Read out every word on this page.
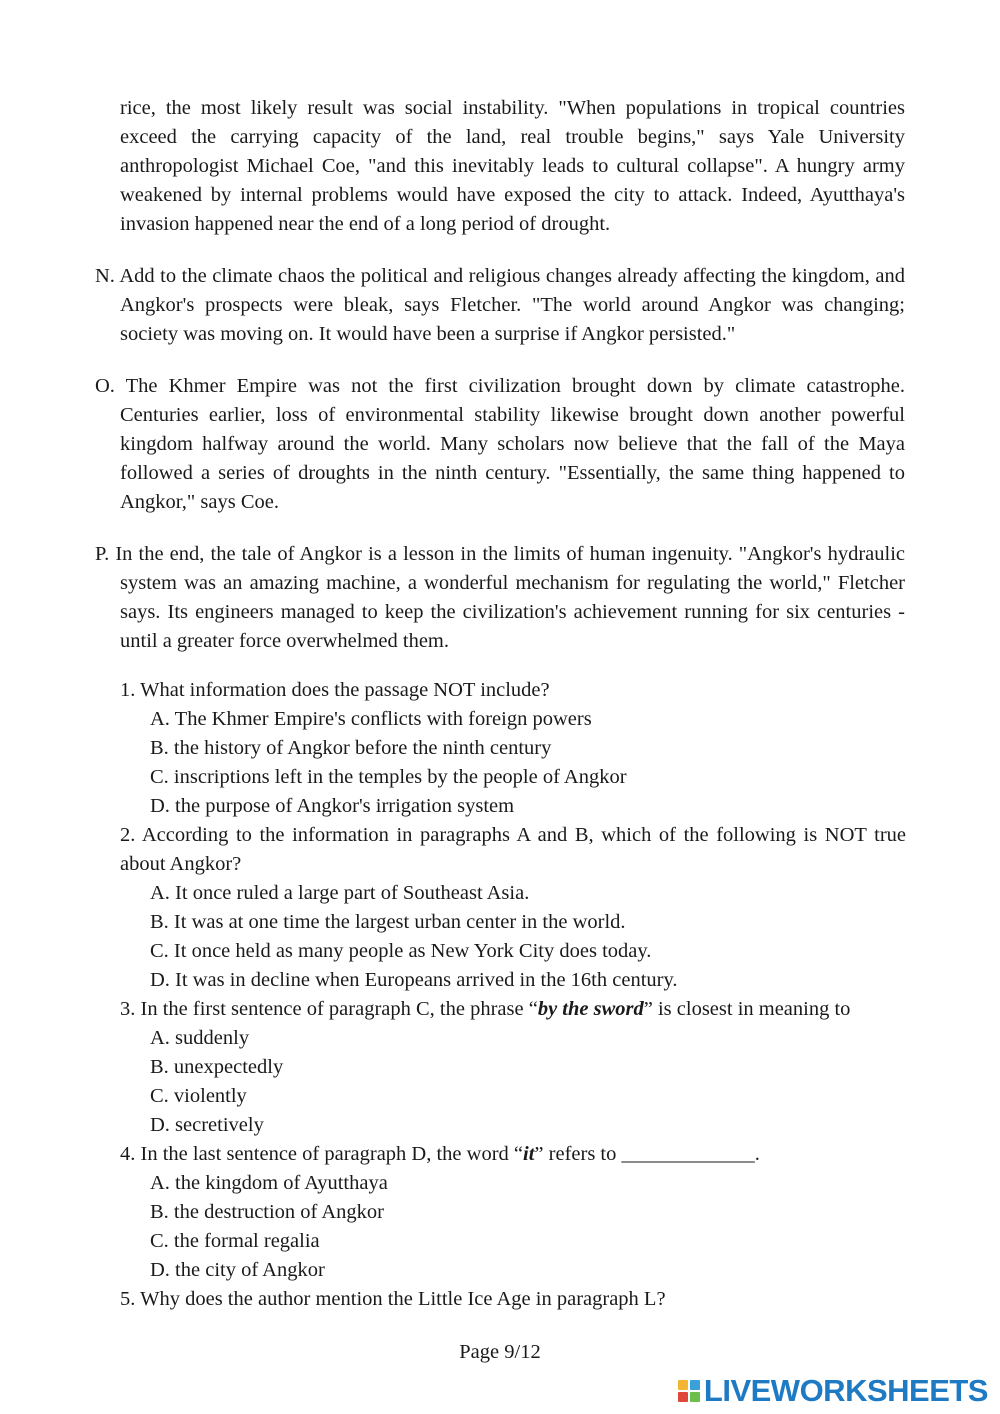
rice, the most likely result was social instability. "When populations in tropical countries exceed the carrying capacity of the land, real trouble begins," says Yale University anthropologist Michael Coe, "and this inevitably leads to cultural collapse". A hungry army weakened by internal problems would have exposed the city to attack. Indeed, Ayutthaya's invasion happened near the end of a long period of drought.

N. Add to the climate chaos the political and religious changes already affecting the kingdom, and Angkor's prospects were bleak, says Fletcher. "The world around Angkor was changing; society was moving on. It would have been a surprise if Angkor persisted."

O. The Khmer Empire was not the first civilization brought down by climate catastrophe. Centuries earlier, loss of environmental stability likewise brought down another powerful kingdom halfway around the world. Many scholars now believe that the fall of the Maya followed a series of droughts in the ninth century. "Essentially, the same thing happened to Angkor," says Coe.

P. In the end, the tale of Angkor is a lesson in the limits of human ingenuity. "Angkor's hydraulic system was an amazing machine, a wonderful mechanism for regulating the world," Fletcher says. Its engineers managed to keep the civilization's achievement running for six centuries - until a greater force overwhelmed them.

1. What information does the passage NOT include?

A. The Khmer Empire's conflicts with foreign powers

B. the history of Angkor before the ninth century

C. inscriptions left in the temples by the people of Angkor

D. the purpose of Angkor's irrigation system

2. According to the information in paragraphs A and B, which of the following is NOT true about Angkor?

A. It once ruled a large part of Southeast Asia.

B. It was at one time the largest urban center in the world.

C. It once held as many people as New York City does today.

D. It was in decline when Europeans arrived in the 16th century.

3. In the first sentence of paragraph C, the phrase “by the sword” is closest in meaning to

A. suddenly

B. unexpectedly

C. violently

D. secretively

4. In the last sentence of paragraph D, the word “it” refers to _____________.

A. the kingdom of Ayutthaya

B. the destruction of Angkor

C. the formal regalia

D. the city of Angkor

5. Why does the author mention the Little Ice Age in paragraph L?

Page 9/12
LIVEWORKSHEETS
